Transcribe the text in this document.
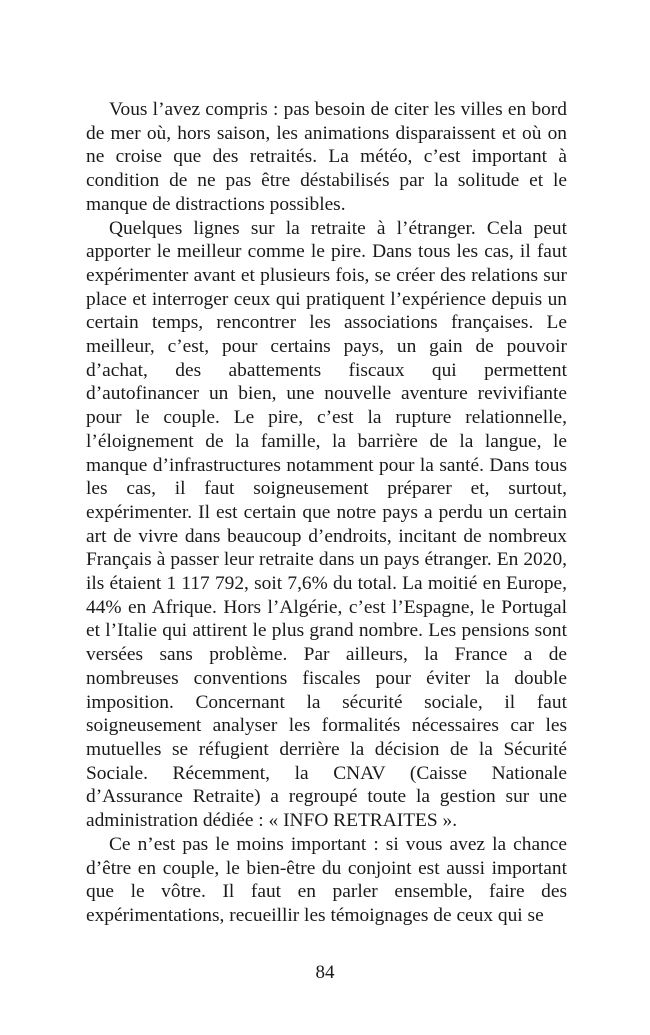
Vous l’avez compris : pas besoin de citer les villes en bord de mer où, hors saison, les animations disparaissent et où on ne croise que des retraités. La météo, c’est important à condition de ne pas être déstabilisés par la solitude et le manque de distractions possibles.

Quelques lignes sur la retraite à l’étranger. Cela peut apporter le meilleur comme le pire. Dans tous les cas, il faut expérimenter avant et plusieurs fois, se créer des relations sur place et interroger ceux qui pratiquent l’expérience depuis un certain temps, rencontrer les associations françaises. Le meilleur, c’est, pour certains pays, un gain de pouvoir d’achat, des abattements fiscaux qui permettent d’autofinancer un bien, une nouvelle aventure revivifiante pour le couple. Le pire, c’est la rupture relationnelle, l’éloignement de la famille, la barrière de la langue, le manque d’infrastructures notamment pour la santé. Dans tous les cas, il faut soigneusement préparer et, surtout, expérimenter. Il est certain que notre pays a perdu un certain art de vivre dans beaucoup d’endroits, incitant de nombreux Français à passer leur retraite dans un pays étranger. En 2020, ils étaient 1 117 792, soit 7,6% du total. La moitié en Europe, 44% en Afrique. Hors l’Algérie, c’est l’Espagne, le Portugal et l’Italie qui attirent le plus grand nombre. Les pensions sont versées sans problème. Par ailleurs, la France a de nombreuses conventions fiscales pour éviter la double imposition. Concernant la sécurité sociale, il faut soigneusement analyser les formalités nécessaires car les mutuelles se réfugient derrière la décision de la Sécurité Sociale. Récemment, la CNAV (Caisse Nationale d’Assurance Retraite) a regroupé toute la gestion sur une administration dédiée : « INFO RETRAITES ».

Ce n’est pas le moins important : si vous avez la chance d’être en couple, le bien-être du conjoint est aussi important que le vôtre. Il faut en parler ensemble, faire des expérimentations, recueillir les témoignages de ceux qui se

84
